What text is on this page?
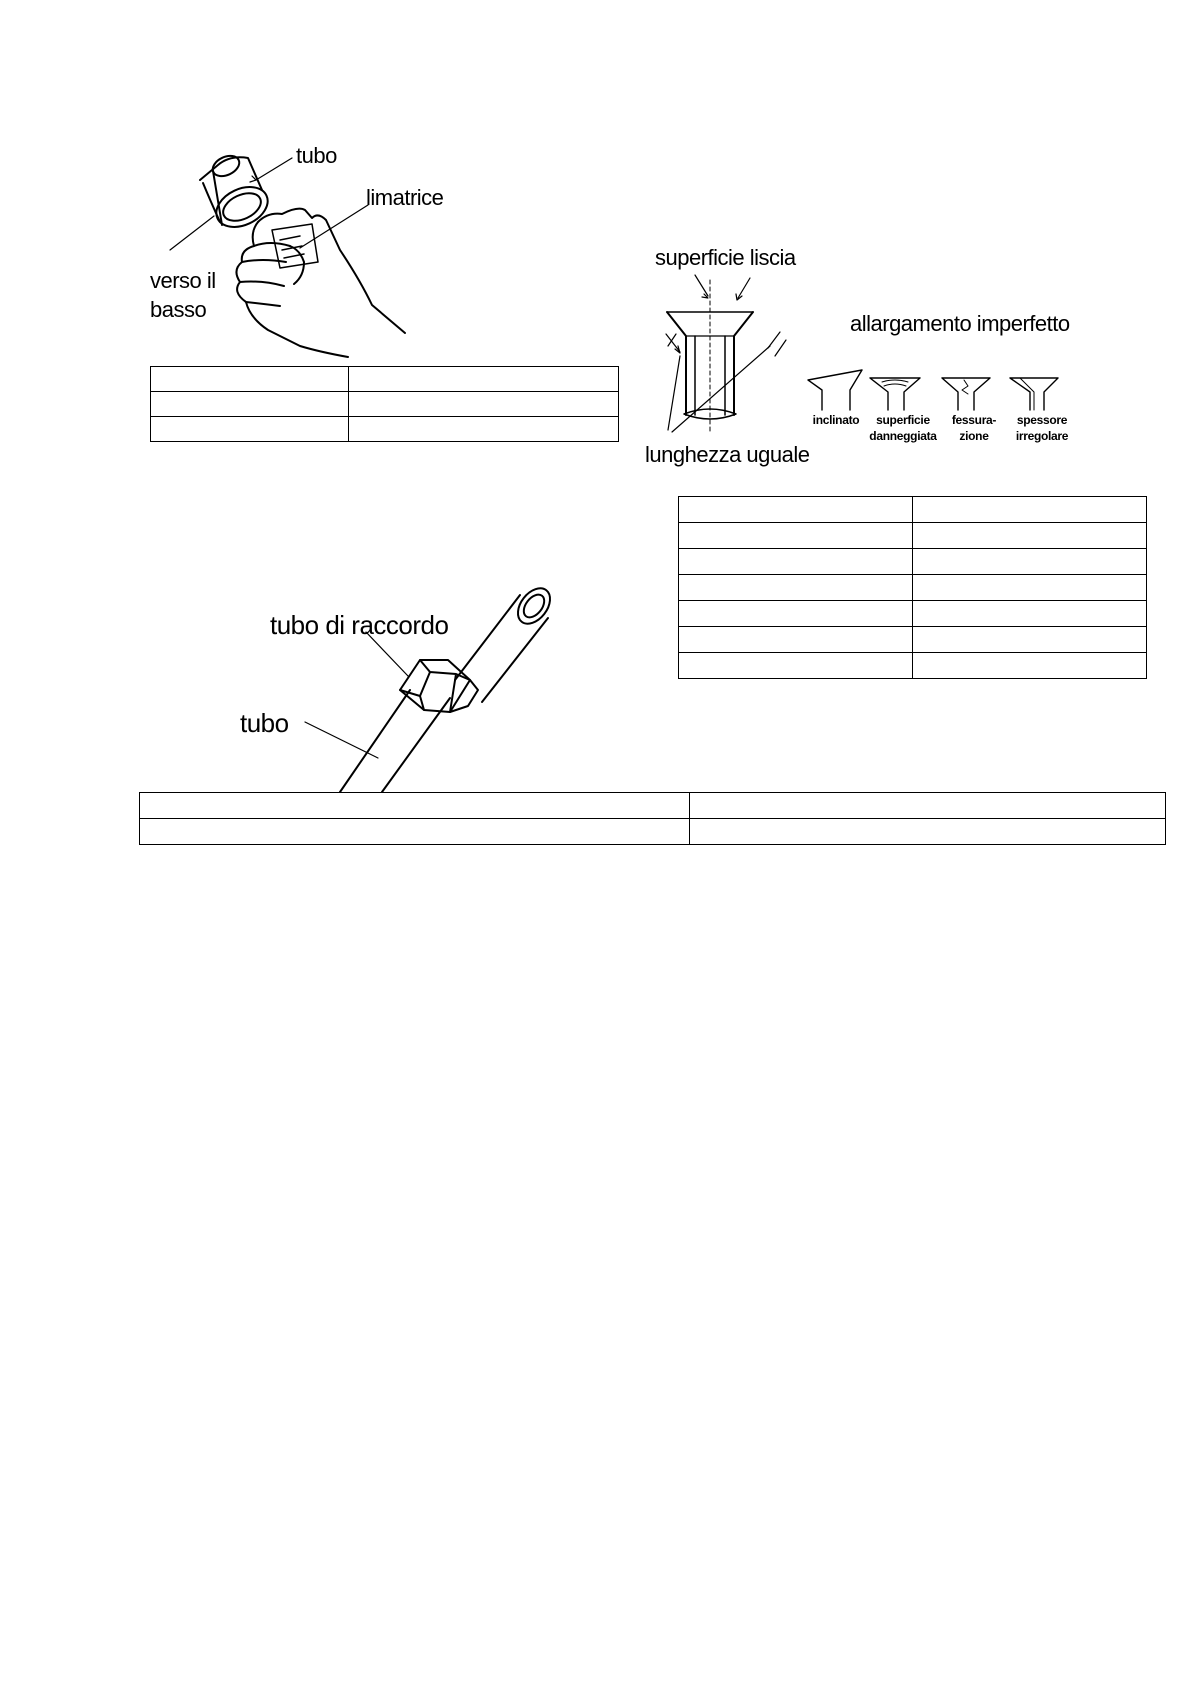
tubo
limatrice
verso il
basso
superficie liscia
lunghezza uguale
allargamento imperfetto
inclinato	superficie
danneggiata
fessura-
zione
spessore
irregolare
tubo di raccordo
tubo
